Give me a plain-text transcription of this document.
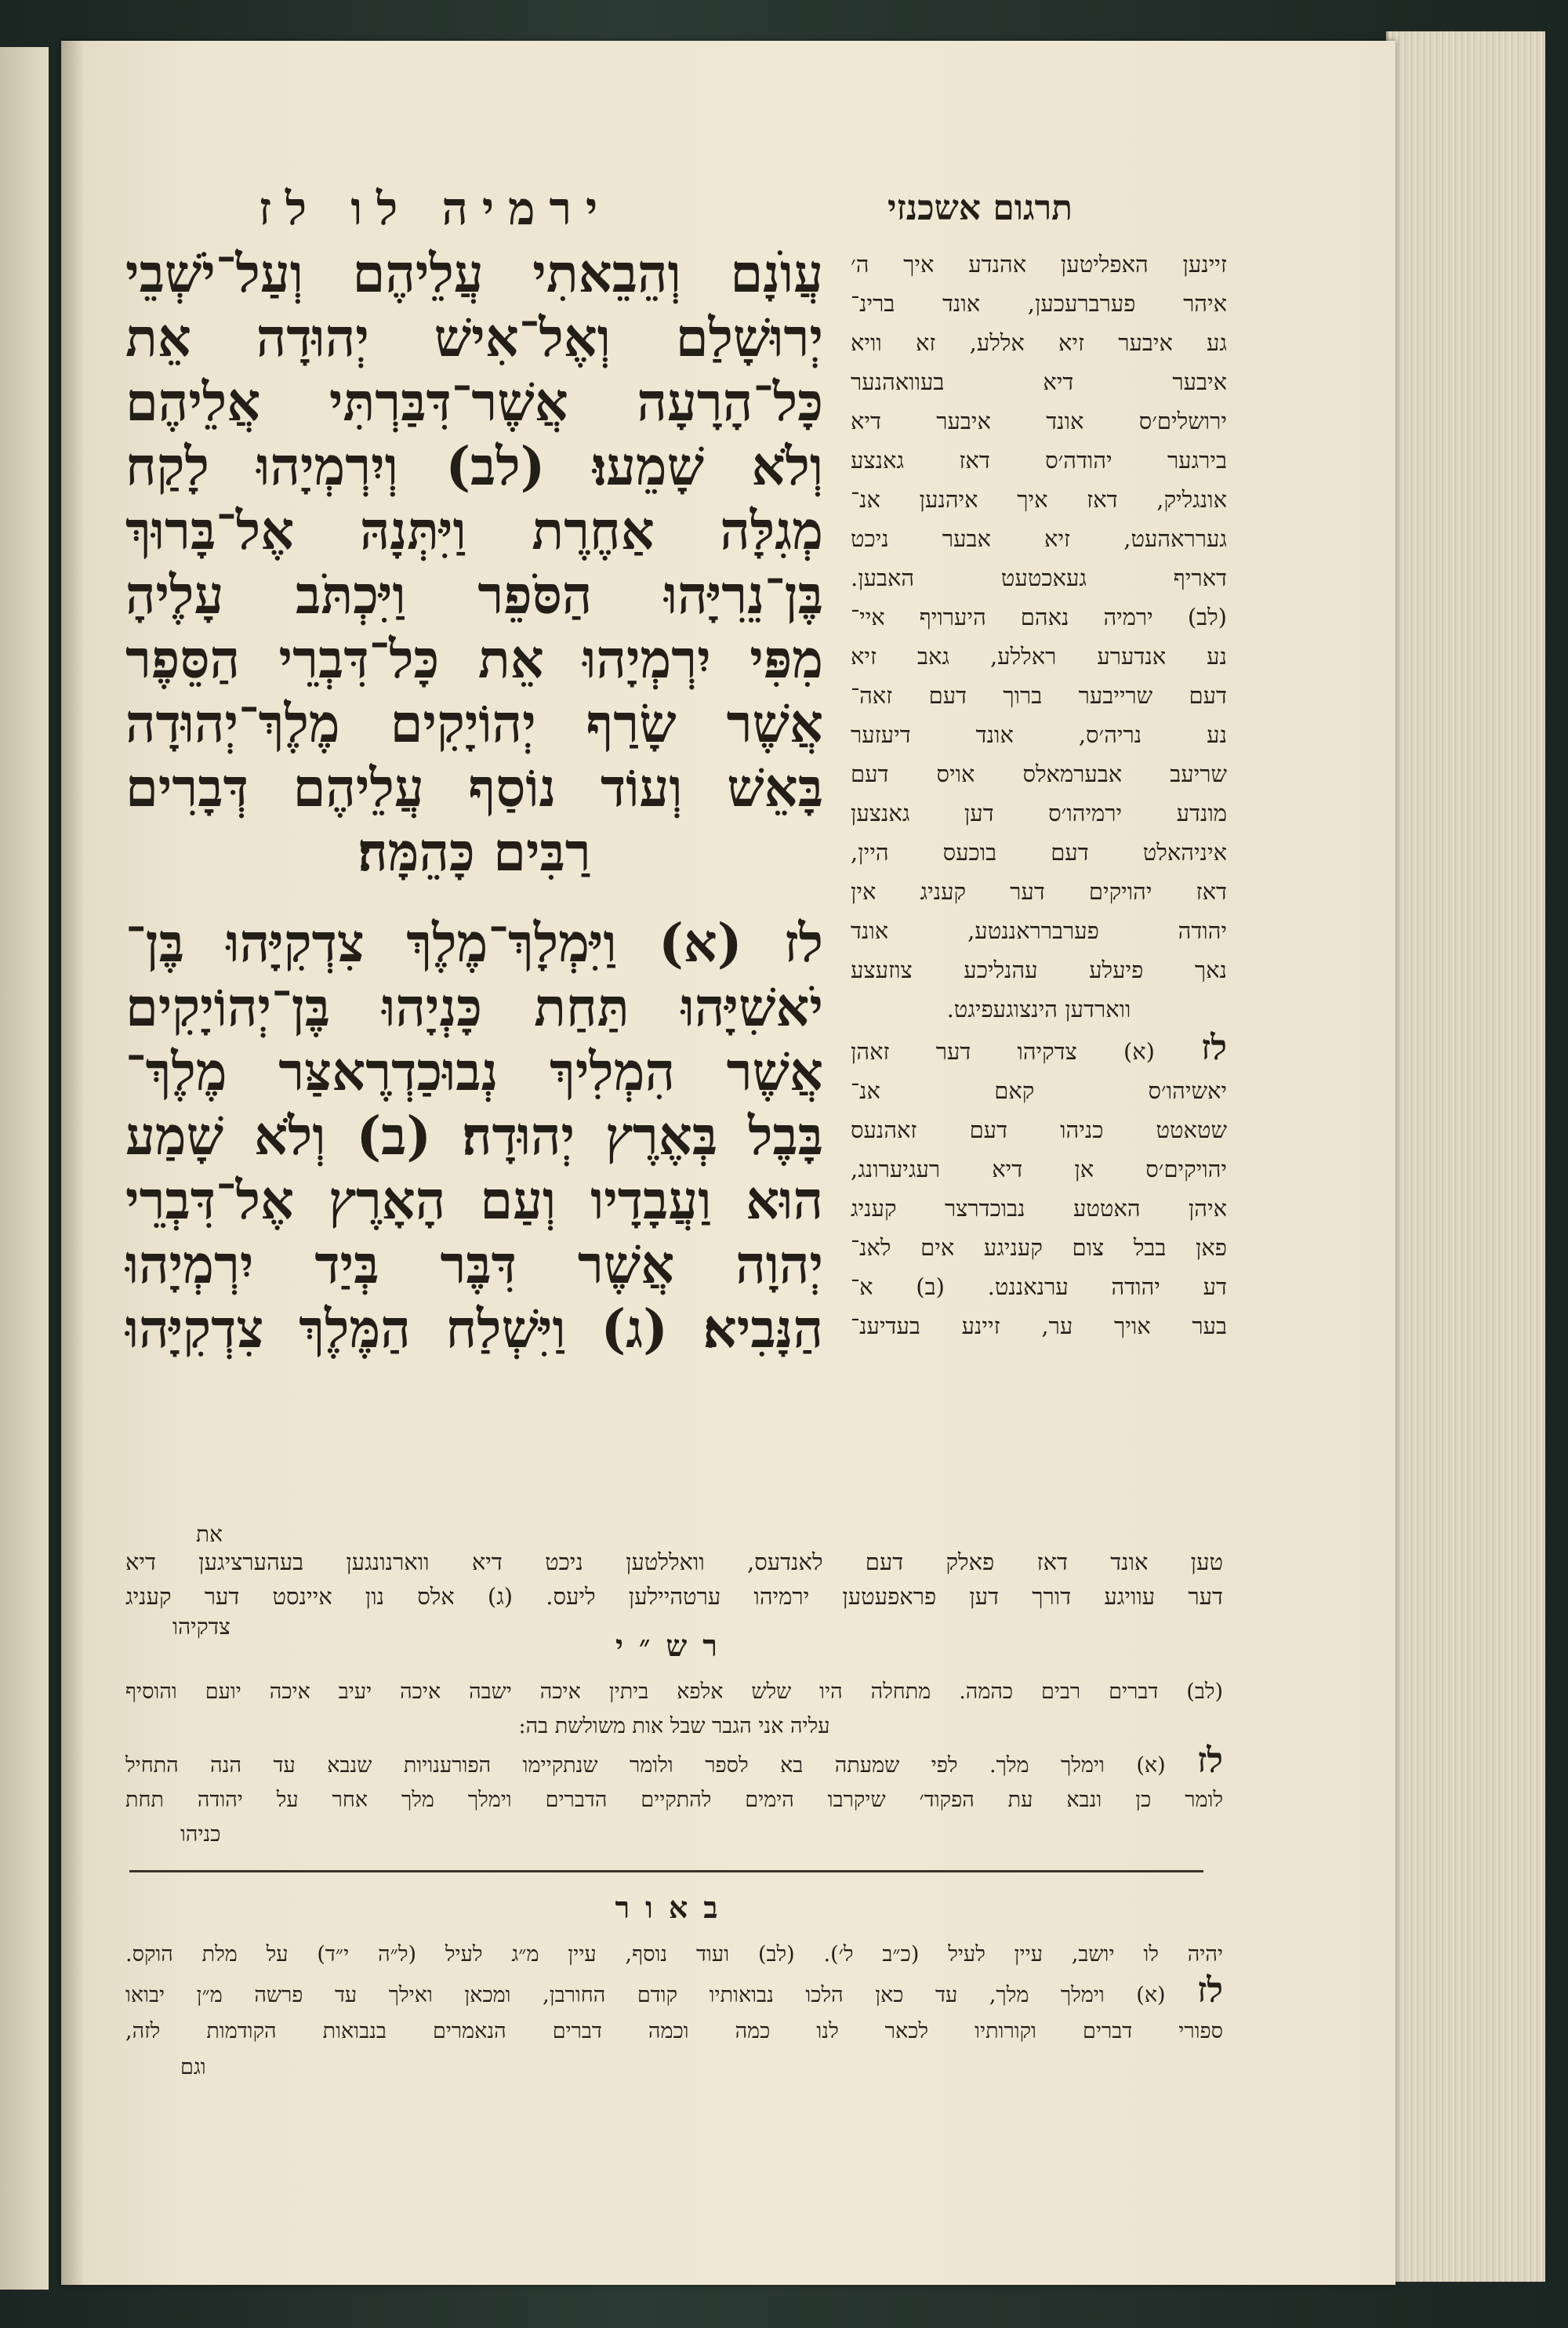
ירמיה לו לז	תרגום אשכנזי
עֲוֺנָם וְהֵבֵאתִי עֲלֵיהֶם וְעַל־יֹשְׁבֵי
יְרוּשָׁלַם וְאֶל־אִישׁ יְהוּדָה אֵת
כָּל־הָרָעָה אֲשֶׁר־דִּבַּרְתִּי אֲלֵיהֶם
וְלֹא שָׁמֵעוּ׃ (לב) וְיִרְמְיָהוּ לָקַח
מְגִלָּה אַחֶרֶת וַיִּתְּנָהּ אֶל־בָּרוּךְ
בֶּן־נֵרִיָּהוּ הַסֹּפֵר וַיִּכְתֹּב עָלֶיהָ
מִפִּי יִרְמְיָהוּ אֵת כָּל־דִּבְרֵי הַסֵּפֶר
אֲשֶׁר שָׂרַף יְהוֹיָקִים מֶלֶךְ־יְהוּדָה
בָּאֵשׁ וְעוֹד נוֹסַף עֲלֵיהֶם דְּבָרִים
רַבִּים כָּהֵמָּה׃
לז (א) וַיִּמְלָךְ־מֶלֶךְ צִדְקִיָּהוּ בֶּן־
יֹאשִׁיָּהוּ תַּחַת כָּנְיָהוּ בֶּן־יְהוֹיָקִים
אֲשֶׁר הִמְלִיךְ נְבוּכַדְרֶאצַּר מֶלֶךְ־
בָּבֶל בְּאֶרֶץ יְהוּדָה׃ (ב) וְלֹא שָׁמַע
הוּא וַעֲבָדָיו וְעַם הָאָרֶץ אֶל־דִּבְרֵי
יְהוָה אֲשֶׁר דִּבֶּר בְּיַד יִרְמְיָהוּ
הַנָּבִיא׃ (ג) וַיִּשְׁלַח הַמֶּלֶךְ צִדְקִיָּהוּ
את
זיינען האפליטען אהנדע איך ה׳
איהר פערברעכען, אונד ברינ־
גע איבער זיא אללע, זא וויא
איבער דיא בעוואהנער
ירושלים׳ס אונד איבער דיא
בירגער יהודה׳ס דאז גאנצע
אונגליק, דאז איך איהנען אנ־
גערראהעט, זיא אבער ניכט
דאריף געאכטעט האבען.
(לב) ירמיה נאהם היערויף איי־
נע אנדערע ראללע, גאב זיא
דעם שרייבער ברוך דעם זאה־
נע נריה׳ס, אונד דיעזער
שריעב אבערמאלס אויס דעם
מונדע ירמיהו׳ס דען גאנצען
איניהאלט דעם בוכעס היין,
דאז יהויקים דער קעניג אין
יהודה פערברראננטע, אונד
נאך פיעלע עהנליכע צוזעצע
ווארדען הינצוגעפיגט.
לז (א) צדקיהו דער זאהן
יאשיהו׳ס קאם אנ־
שטאטט כניהו דעם זאהנעס
יהויקים׳ס אן דיא רעגיערונג,
איהן האטטע נבוכדרצר קעניג
פאן בבל צום קעניגע אים לאנ־
דע יהודה ערנאננט. (ב) א־
בער אויך ער, זיינע בעדיענ־
טען אונד דאז פאלק דעם לאנדעס, וואללטען ניכט דיא ווארנונגען בעהערציגען דיא
דער עוויגע דורך דען פראפעטען ירמיהו ערטהיילען ליעס. (ג) אלס נון איינסט דער קעניג
צדקיהו
רש״י
(לב) דברים רבים כהמה. מתחלה היו שלש אלפא ביתין איכה ישבה איכה יעיב איכה יועם והוסיף
עליה אני הגבר שבל אות משולשת בה:
לז (א) וימלך מלך. לפי שמעתה בא לספר ולומר שנתקיימו הפורענויות שנבא עד הנה התחיל
לומר כן ונבא עת הפקוד׳ שיקרבו הימים להתקיים הדברים וימלך מלך אחר על יהודה תחת
כניהו
באור
יהיה לו יושב, עיין לעיל (כ״ב ל׳). (לב) ועוד נוסף, עיין מ״ג לעיל (ל״ה י״ד) על מלת הוקס.
לז (א) וימלך מלך, עד כאן הלכו נבואותיו קודם החורבן, ומכאן ואילך עד פרשה מ״ן יבואו
ספורי דברים וקורותיו לכאר לנו כמה וכמה דברים הנאמרים בנבואות הקודמות לזה,
וגם
